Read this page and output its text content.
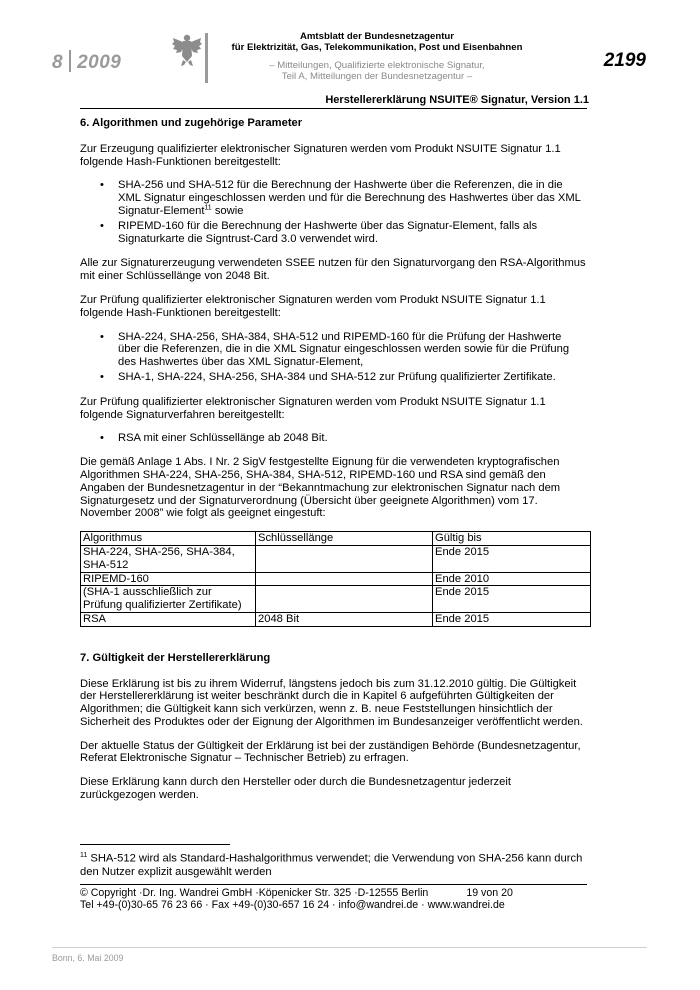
8 2009
Amtsblatt der Bundesnetzagentur
für Elektrizität, Gas, Telekommunikation, Post und Eisenbahnen
– Mitteilungen, Qualifizierte elektronische Signatur,
Teil A, Mitteilungen der Bundesnetzagentur –
2199
Herstellererklärung NSUITE® Signatur, Version 1.1
6. Algorithmen und zugehörige Parameter

Zur Erzeugung qualifizierter elektronischer Signaturen werden vom Produkt NSUITE Signatur 1.1 folgende Hash-Funktionen bereitgestellt:

• SHA-256 und SHA-512 für die Berechnung der Hashwerte über die Referenzen, die in die XML Signatur eingeschlossen werden und für die Berechnung des Hashwertes über das XML Signatur-Element$^{11}$ sowie
• RIPEMD-160 für die Berechnung der Hashwerte über das Signatur-Element, falls als Signaturkarte die Signtrust-Card 3.0 verwendet wird.

Alle zur Signaturerzeugung verwendeten SSEE nutzen für den Signaturvorgang den RSA-Algorithmus mit einer Schlüssellänge von 2048 Bit.

Zur Prüfung qualifizierter elektronischer Signaturen werden vom Produkt NSUITE Signatur 1.1 folgende Hash-Funktionen bereitgestellt:

• SHA-224, SHA-256, SHA-384, SHA-512 und RIPEMD-160 für die Prüfung der Hashwerte über die Referenzen, die in die XML Signatur eingeschlossen werden sowie für die Prüfung des Hashwertes über das XML Signatur-Element,
• SHA-1, SHA-224, SHA-256, SHA-384 und SHA-512 zur Prüfung qualifizierter Zertifikate.

Zur Prüfung qualifizierter elektronischer Signaturen werden vom Produkt NSUITE Signatur 1.1 folgende Signaturverfahren bereitgestellt:

• RSA mit einer Schlüssellänge ab 2048 Bit.

Die gemäß Anlage 1 Abs. I Nr. 2 SigV festgestellte Eignung für die verwendeten kryptografischen Algorithmen SHA-224, SHA-256, SHA-384, SHA-512, RIPEMD-160 und RSA sind gemäß den Angaben der Bundesnetzagentur in der “Bekanntmachung zur elektronischen Signatur nach dem Signaturgesetz und der Signaturverordnung (Übersicht über geeignete Algorithmen) vom 17. November 2008” wie folgt als geeignet eingestuft:

Algorithmus	Schlüssellänge	Gültig bis
SHA-224, SHA-256, SHA-384, SHA-512		Ende 2015
RIPEMD-160		Ende 2010
(SHA-1 ausschließlich zur Prüfung qualifizierter Zertifikate)		Ende 2015
RSA	2048 Bit	Ende 2015
7. Gültigkeit der Herstellererklärung

Diese Erklärung ist bis zu ihrem Widerruf, längstens jedoch bis zum 31.12.2010 gültig. Die Gültigkeit der Herstellererklärung ist weiter beschränkt durch die in Kapitel 6 aufgeführten Gültigkeiten der Algorithmen; die Gültigkeit kann sich verkürzen, wenn z. B. neue Feststellungen hinsichtlich der Sicherheit des Produktes oder der Eignung der Algorithmen im Bundesanzeiger veröffentlicht werden.

Der aktuelle Status der Gültigkeit der Erklärung ist bei der zuständigen Behörde (Bundesnetzagentur, Referat Elektronische Signatur – Technischer Betrieb) zu erfragen.

Diese Erklärung kann durch den Hersteller oder durch die Bundesnetzagentur jederzeit zurückgezogen werden.

$^{11}$ SHA-512 wird als Standard-Hashalgorithmus verwendet; die Verwendung von SHA-256 kann durch den Nutzer explizit ausgewählt werden
© Copyright ·Dr. Ing. Wandrei GmbH ·Köpenicker Str. 325 ·D-12555 Berlin	19 von 20
Tel +49-(0)30-65 76 23 66 · Fax +49-(0)30-657 16 24 · info@wandrei.de · www.wandrei.de
Bonn, 6. Mai 2009
